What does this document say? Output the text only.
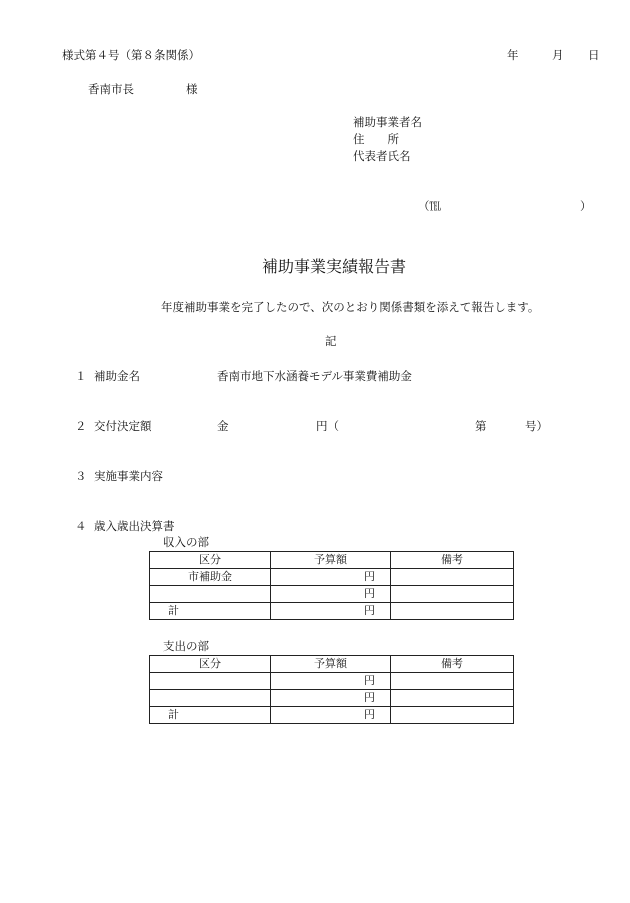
様式第４号（第８条関係）	年	月 日
香南市長	様
補助事業者名
住　　所
代表者氏名
（℡	）
補助事業実績報告書
年度補助事業を完了したので、次のとおり関係書類を添えて報告します。
記
１ 補助金名	香南市地下水涵養モデル事業費補助金
２ 交付決定額	金	円（	第	号）
３ 実施事業内容
４ 歳入歳出決算書
収入の部
区分	予算額	備考
市補助金	円	
	円	
計	円	
支出の部
区分	予算額	備考
	円	
	円	
計	円	
